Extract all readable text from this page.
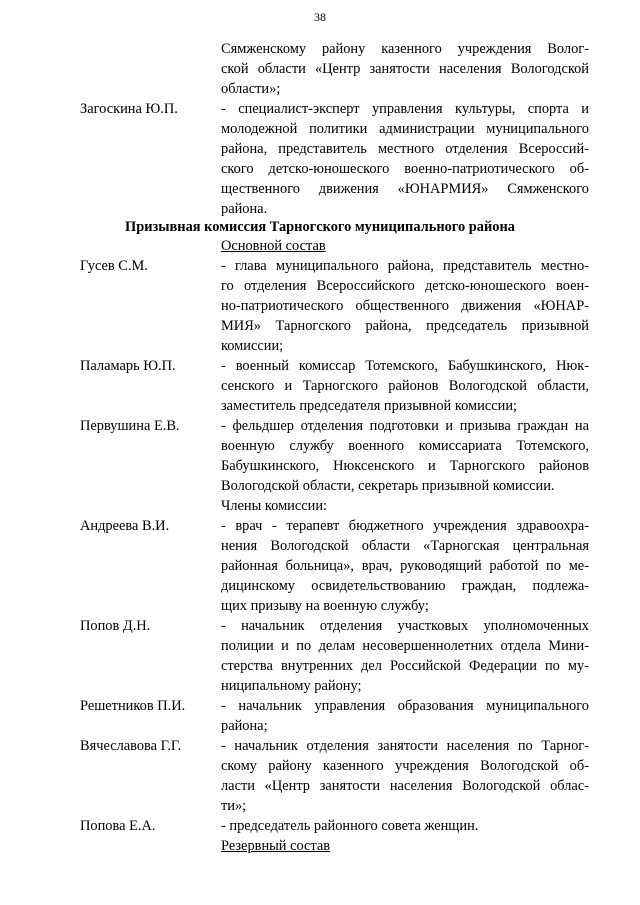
38
Сямженскому району казенного учреждения Волог-
ской области «Центр занятости населения Вологодской
области»;
Загоскина Ю.П.	- специалист-эксперт управления культуры, спорта и
молодежной политики администрации муниципального
района, представитель местного отделения Всероссий-
ского детско-юношеского военно-патриотического об-
щественного движения «ЮНАРМИЯ» Сямженского
района.
Призывная комиссия Тарногского муниципального района
Основной состав
Гусев С.М.	- глава муниципального района, представитель местно-
го отделения Всероссийского детско-юношеского воен-
но-патриотического общественного движения «ЮНАР-
МИЯ» Тарногского района, председатель призывной
комиссии;
Паламарь Ю.П.	- военный комиссар Тотемского, Бабушкинского, Нюк-
сенского и Тарногского районов Вологодской области,
заместитель председателя призывной комиссии;
Первушина Е.В.	- фельдшер отделения подготовки и призыва граждан на
военную службу военного комиссариата Тотемского,
Бабушкинского, Нюксенского и Тарногского районов
Вологодской области, секретарь призывной комиссии.
Члены комиссии:
Андреева В.И.	- врач - терапевт бюджетного учреждения здравоохра-
нения Вологодской области «Тарногская центральная
районная больница», врач, руководящий работой по ме-
дицинскому освидетельствованию граждан, подлежа-
щих призыву на военную службу;
Попов Д.Н.	- начальник отделения участковых уполномоченных
полиции и по делам несовершеннолетних отдела Мини-
стерства внутренних дел Российской Федерации по му-
ниципальному району;
Решетников П.И. - начальник управления образования муниципального
района;
Вячеславова Г.Г.	- начальник отделения занятости населения по Тарног-
скому району казенного учреждения Вологодской об-
ласти «Центр занятости населения Вологодской облас-
ти»;
Попова Е.А.	- председатель районного совета женщин.
Резервный состав
